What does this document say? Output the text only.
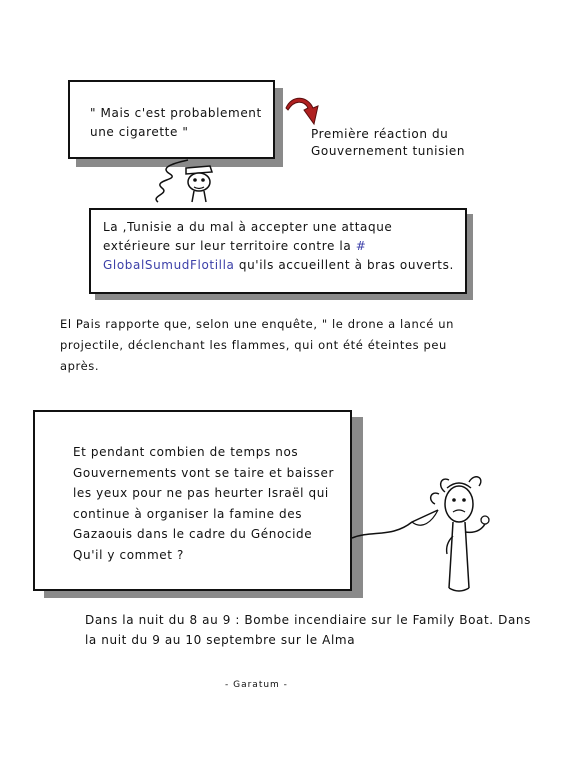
" Mais c'est probablement une cigarette "	Première réaction du Gouvernement tunisien
La ,Tunisie a du mal à accepter une attaque extérieure sur leur territoire contre la # GlobalSumudFlotilla qu'ils accueillent à bras ouverts.
El Pais rapporte que, selon une enquête, " le drone a lancé un projectile, déclenchant les flammes, qui ont été éteintes peu après.
Et pendant combien de temps nos Gouvernements vont se taire et baisser les yeux pour ne pas heurter Israël qui continue à organiser la famine des Gazaouis dans le cadre du Génocide Qu'il y commet ?
Dans la nuit du 8 au 9 : Bombe incendiaire sur le Family Boat. Dans la nuit du 9 au 10 septembre sur le Alma
- Garatum -
